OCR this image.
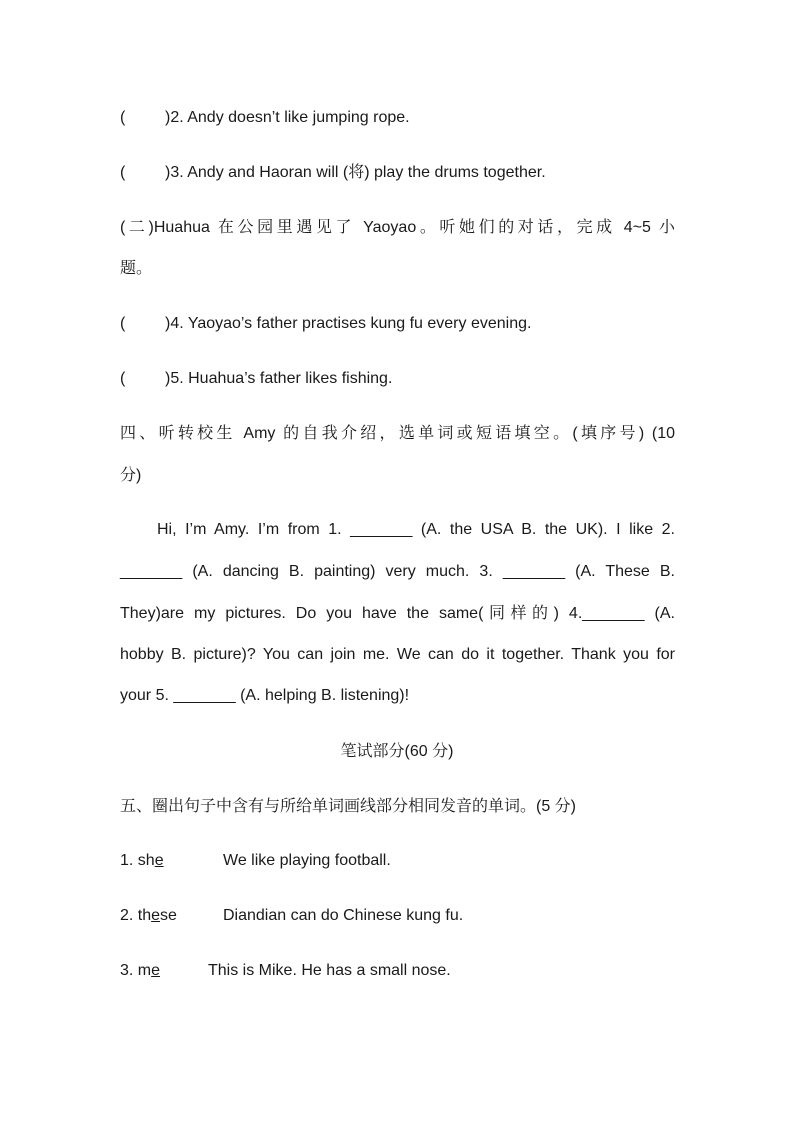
( )2. Andy doesn’t like jumping rope.
( )3. Andy and Haoran will (将) play the drums together.
(二)Huahua 在公园里遇见了 Yaoyao。听她们的对话，完成 4~5 小
题。
( )4. Yaoyao’s father practises kung fu every evening.
( )5. Huahua’s father likes fishing.
四、听转校生 Amy 的自我介绍，选单词或短语填空。(填序号) (10
分)
Hi, I’m Amy. I’m from 1. _______ (A. the USA B. the UK). I like 2.
_______ (A. dancing B. painting) very much. 3. _______ (A. These B.
They)are my pictures. Do you have the same(同样的) 4._______ (A.
hobby B. picture)? You can join me. We can do it together. Thank you for
your 5. _______ (A. helping B. listening)!
笔试部分(60 分)
五、圈出句子中含有与所给单词画线部分相同发音的单词。(5 分)
1. she	We like playing football.
2. these	Diandian can do Chinese kung fu.
3. me	This is Mike. He has a small nose.
